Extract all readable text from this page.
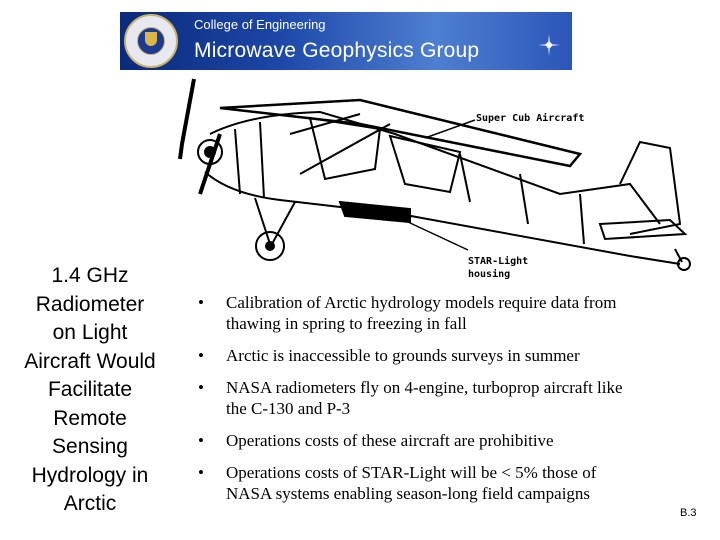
College of Engineering
Microwave Geophysics Group
Super Cub Aircraft
STAR-Light
housing
1.4 GHz
Radiometer
on Light
Aircraft Would
Facilitate
Remote
Sensing
Hydrology in
Arctic
• Calibration of Arctic hydrology models require data from
thawing in spring to freezing in fall
• Arctic is inaccessible to grounds surveys in summer
• NASA radiometers fly on 4-engine, turboprop aircraft like
the C-130 and P-3
• Operations costs of these aircraft are prohibitive
• Operations costs of STAR-Light will be < 5% those of
NASA systems enabling season-long field campaigns
B.3
